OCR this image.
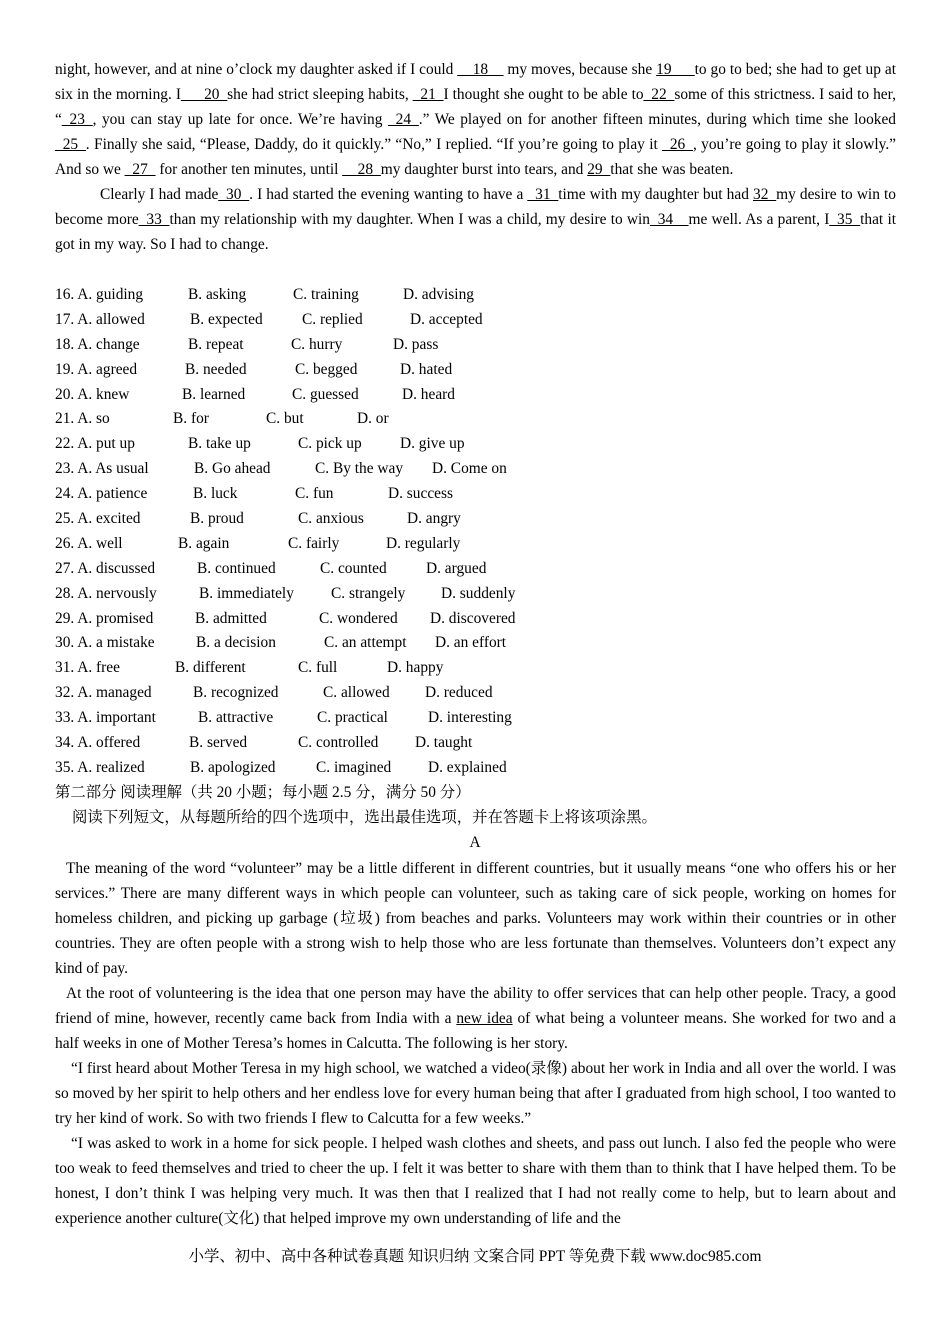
night, however, and at nine o’clock my daughter asked if I could __18__ my moves, because she 19___to go to bed; she had to get up at six in the morning. I___20_she had strict sleeping habits, _21_I thought she ought to be able to_22_some of this strictness. I said to her, “_23_, you can stay up late for once. We’re having _24_.” We played on for another fifteen minutes, during which time she looked _25_. Finally she said, “Please, Daddy, do it quickly.” “No,” I replied. “If you’re going to play it _26_, you’re going to play it slowly.” And so we _27_ for another ten minutes, until __28_my daughter burst into tears, and 29_that she was beaten.

Clearly I had made_30_. I had started the evening wanting to have a _31_time with my daughter but had 32_my desire to win to become more_33_than my relationship with my daughter. When I was a child, my desire to win_34__me well. As a parent, I_35_that it got in my way. So I had to change.

16. A. guiding	B. asking	C. training	D. advising
17. A. allowed	B. expected	C. replied	D. accepted
18. A. change	B. repeat	C. hurry	D. pass
19. A. agreed	B. needed	C. begged	D. hated
20. A. knew	B. learned	C. guessed	D. heard
21. A. so	B. for	C. but	D. or
22. A. put up	B. take up	C. pick up D. give up
23. A. As usual	B. Go ahead	C. By the way D. Come on
24. A. patience	B. luck	C. fun	D. success
25. A. excited	B. proud	C. anxious	D. angry
26. A. well	B. again	C. fairly	D. regularly
27. A. discussed	B. continued	C. counted	D. argued
28. A. nervously	B. immediately C. strangely D. suddenly
29. A. promised	B. admitted	C. wondered D. discovered
30. A. a mistake	B. a decision	C. an attempt D. an effort
31. A. free	B. different	C. full	D. happy
32. A. managed	B. recognized	C. allowed D. reduced
33. A. important	B. attractive	C. practical	D. interesting
34. A. offered	B. served	C. controlled D. taught
35. A. realized	B. apologized	C. imagined D. explained
第二部分 阅读理解（共 20 小题；每小题 2.5 分，满分 50 分）
阅读下列短文，从每题所给的四个选项中，选出最佳选项，并在答题卡上将该项涂黑。
A

The meaning of the word “volunteer” may be a little different in different countries, but it usually means “one who offers his or her services.” There are many different ways in which people can volunteer, such as taking care of sick people, working on homes for homeless children, and picking up garbage (垃圾) from beaches and parks. Volunteers may work within their countries or in other countries. They are often people with a strong wish to help those who are less fortunate than themselves. Volunteers don’t expect any kind of pay.

At the root of volunteering is the idea that one person may have the ability to offer services that can help other people. Tracy, a good friend of mine, however, recently came back from India with a new idea of what being a volunteer means. She worked for two and a half weeks in one of Mother Teresa’s homes in Calcutta. The following is her story.

“I first heard about Mother Teresa in my high school, we watched a video(录像) about her work in India and all over the world. I was so moved by her spirit to help others and her endless love for every human being that after I graduated from high school, I too wanted to try her kind of work. So with two friends I flew to Calcutta for a few weeks.”

“I was asked to work in a home for sick people. I helped wash clothes and sheets, and pass out lunch. I also fed the people who were too weak to feed themselves and tried to cheer the up. I felt it was better to share with them than to think that I have helped them. To be honest, I don’t think I was helping very much. It was then that I realized that I had not really come to help, but to learn about and experience another culture(文化) that helped improve my own understanding of life and the

小学、初中、高中各种试卷真题 知识归纳 文案合同 PPT 等免费下载 www.doc985.com
